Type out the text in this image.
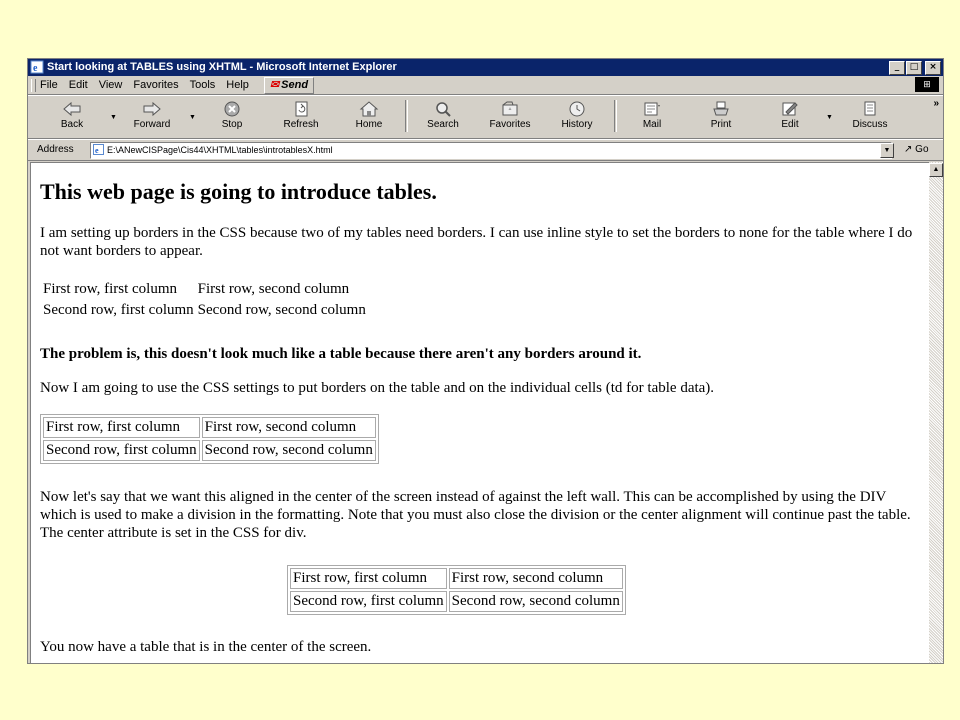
e Start looking at TABLES using XHTML - Microsoft Internet Explorer	_	□	×
File Edit View Favorites Tools Help ✉ Send	⊞
Back
▼
Forward
▼
Stop	Refresh	Home	Search	Favorites	History	Mail	Print	Edit
▼
Discuss
»
Address	e E:\ANewCISPage\Cis44\XHTML\tables\introtablesX.html	▼	↗ Go
This web page is going to introduce tables.

I am setting up borders in the CSS because two of my tables need borders. I can use inline style to set the borders to none for the table where I do not want borders to appear.

First row, first column	First row, second column
Second row, first column	Second row, second column

The problem is, this doesn't look much like a table because there aren't any borders around it.

Now I am going to use the CSS settings to put borders on the table and on the individual cells (td for table data).

First row, first column	First row, second column
Second row, first column	Second row, second column

Now let's say that we want this aligned in the center of the screen instead of against the left wall. This can be accomplished by using the DIV which is used to make a division in the formatting. Note that you must also close the division or the center alignment will continue past the table. The center attribute is set in the CSS for div.

First row, first column	First row, second column
Second row, first column	Second row, second column

You now have a table that is in the center of the screen.

▲
